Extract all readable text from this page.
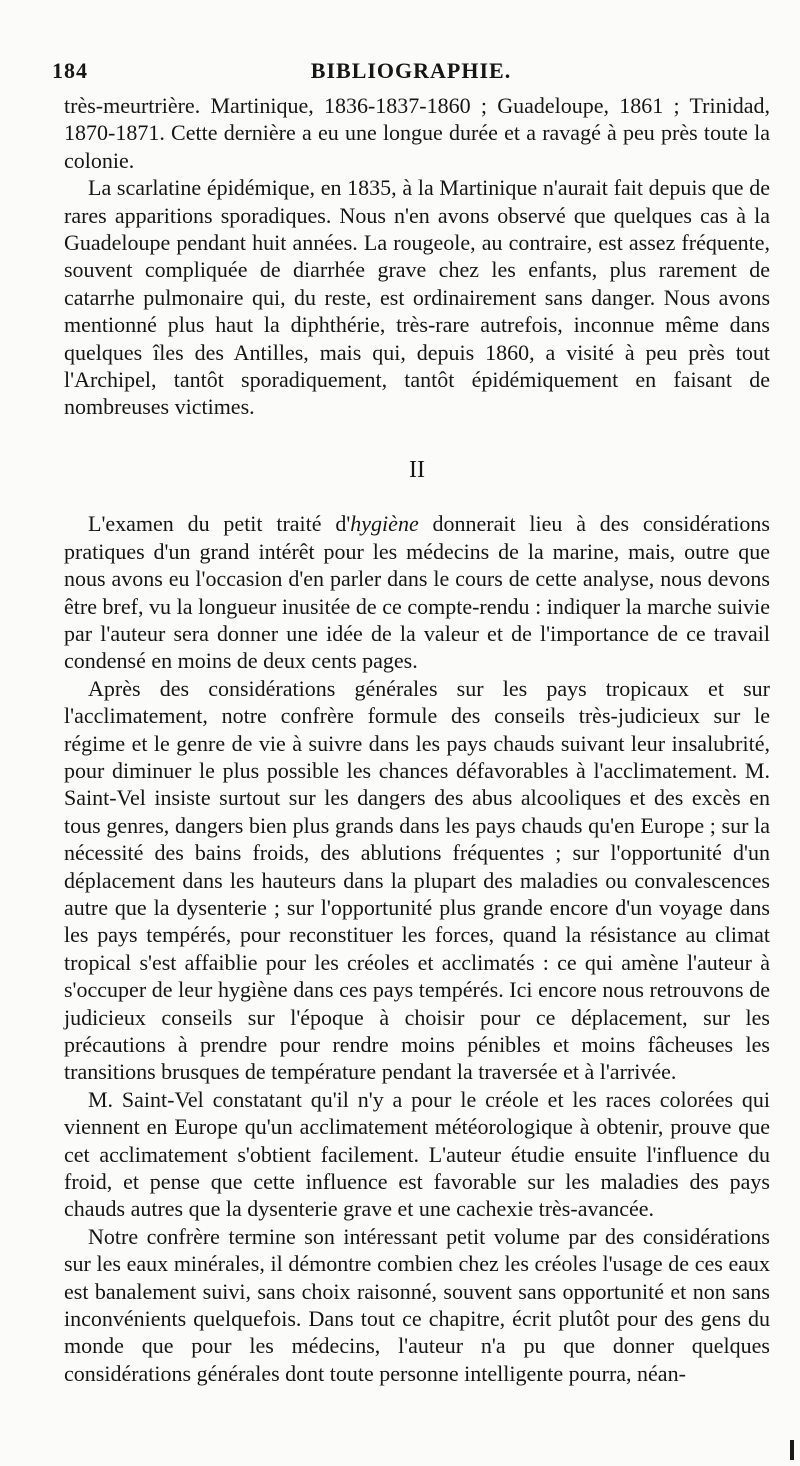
184	BIBLIOGRAPHIE.

très-meurtrière. Martinique, 1836-1837-1860 ; Guadeloupe, 1861 ; Trinidad, 1870-1871. Cette dernière a eu une longue durée et a ravagé à peu près toute la colonie.

La scarlatine épidémique, en 1835, à la Martinique n'aurait fait depuis que de rares apparitions sporadiques. Nous n'en avons observé que quelques cas à la Guadeloupe pendant huit années. La rougeole, au contraire, est assez fréquente, souvent compliquée de diarrhée grave chez les enfants, plus rarement de catarrhe pulmonaire qui, du reste, est ordinairement sans danger. Nous avons mentionné plus haut la diphthérie, très-rare autrefois, inconnue même dans quelques îles des Antilles, mais qui, depuis 1860, a visité à peu près tout l'Archipel, tantôt sporadiquement, tantôt épidémiquement en faisant de nombreuses victimes.

II

L'examen du petit traité d'hygiène donnerait lieu à des considérations pratiques d'un grand intérêt pour les médecins de la marine, mais, outre que nous avons eu l'occasion d'en parler dans le cours de cette analyse, nous devons être bref, vu la longueur inusitée de ce compte-rendu : indiquer la marche suivie par l'auteur sera donner une idée de la valeur et de l'importance de ce travail condensé en moins de deux cents pages.

Après des considérations générales sur les pays tropicaux et sur l'acclimatement, notre confrère formule des conseils très-judicieux sur le régime et le genre de vie à suivre dans les pays chauds suivant leur insalubrité, pour diminuer le plus possible les chances défavorables à l'acclimatement. M. Saint-Vel insiste surtout sur les dangers des abus alcooliques et des excès en tous genres, dangers bien plus grands dans les pays chauds qu'en Europe ; sur la nécessité des bains froids, des ablutions fréquentes ; sur l'opportunité d'un déplacement dans les hauteurs dans la plupart des maladies ou convalescences autre que la dysenterie ; sur l'opportunité plus grande encore d'un voyage dans les pays tempérés, pour reconstituer les forces, quand la résistance au climat tropical s'est affaiblie pour les créoles et acclimatés : ce qui amène l'auteur à s'occuper de leur hygiène dans ces pays tempérés. Ici encore nous retrouvons de judicieux conseils sur l'époque à choisir pour ce déplacement, sur les précautions à prendre pour rendre moins pénibles et moins fâcheuses les transitions brusques de température pendant la traversée et à l'arrivée.

M. Saint-Vel constatant qu'il n'y a pour le créole et les races colorées qui viennent en Europe qu'un acclimatement météorologique à obtenir, prouve que cet acclimatement s'obtient facilement. L'auteur étudie ensuite l'influence du froid, et pense que cette influence est favorable sur les maladies des pays chauds autres que la dysenterie grave et une cachexie très-avancée.

Notre confrère termine son intéressant petit volume par des considérations sur les eaux minérales, il démontre combien chez les créoles l'usage de ces eaux est banalement suivi, sans choix raisonné, souvent sans opportunité et non sans inconvénients quelquefois. Dans tout ce chapitre, écrit plutôt pour des gens du monde que pour les médecins, l'auteur n'a pu que donner quelques considérations générales dont toute personne intelligente pourra, néan-
